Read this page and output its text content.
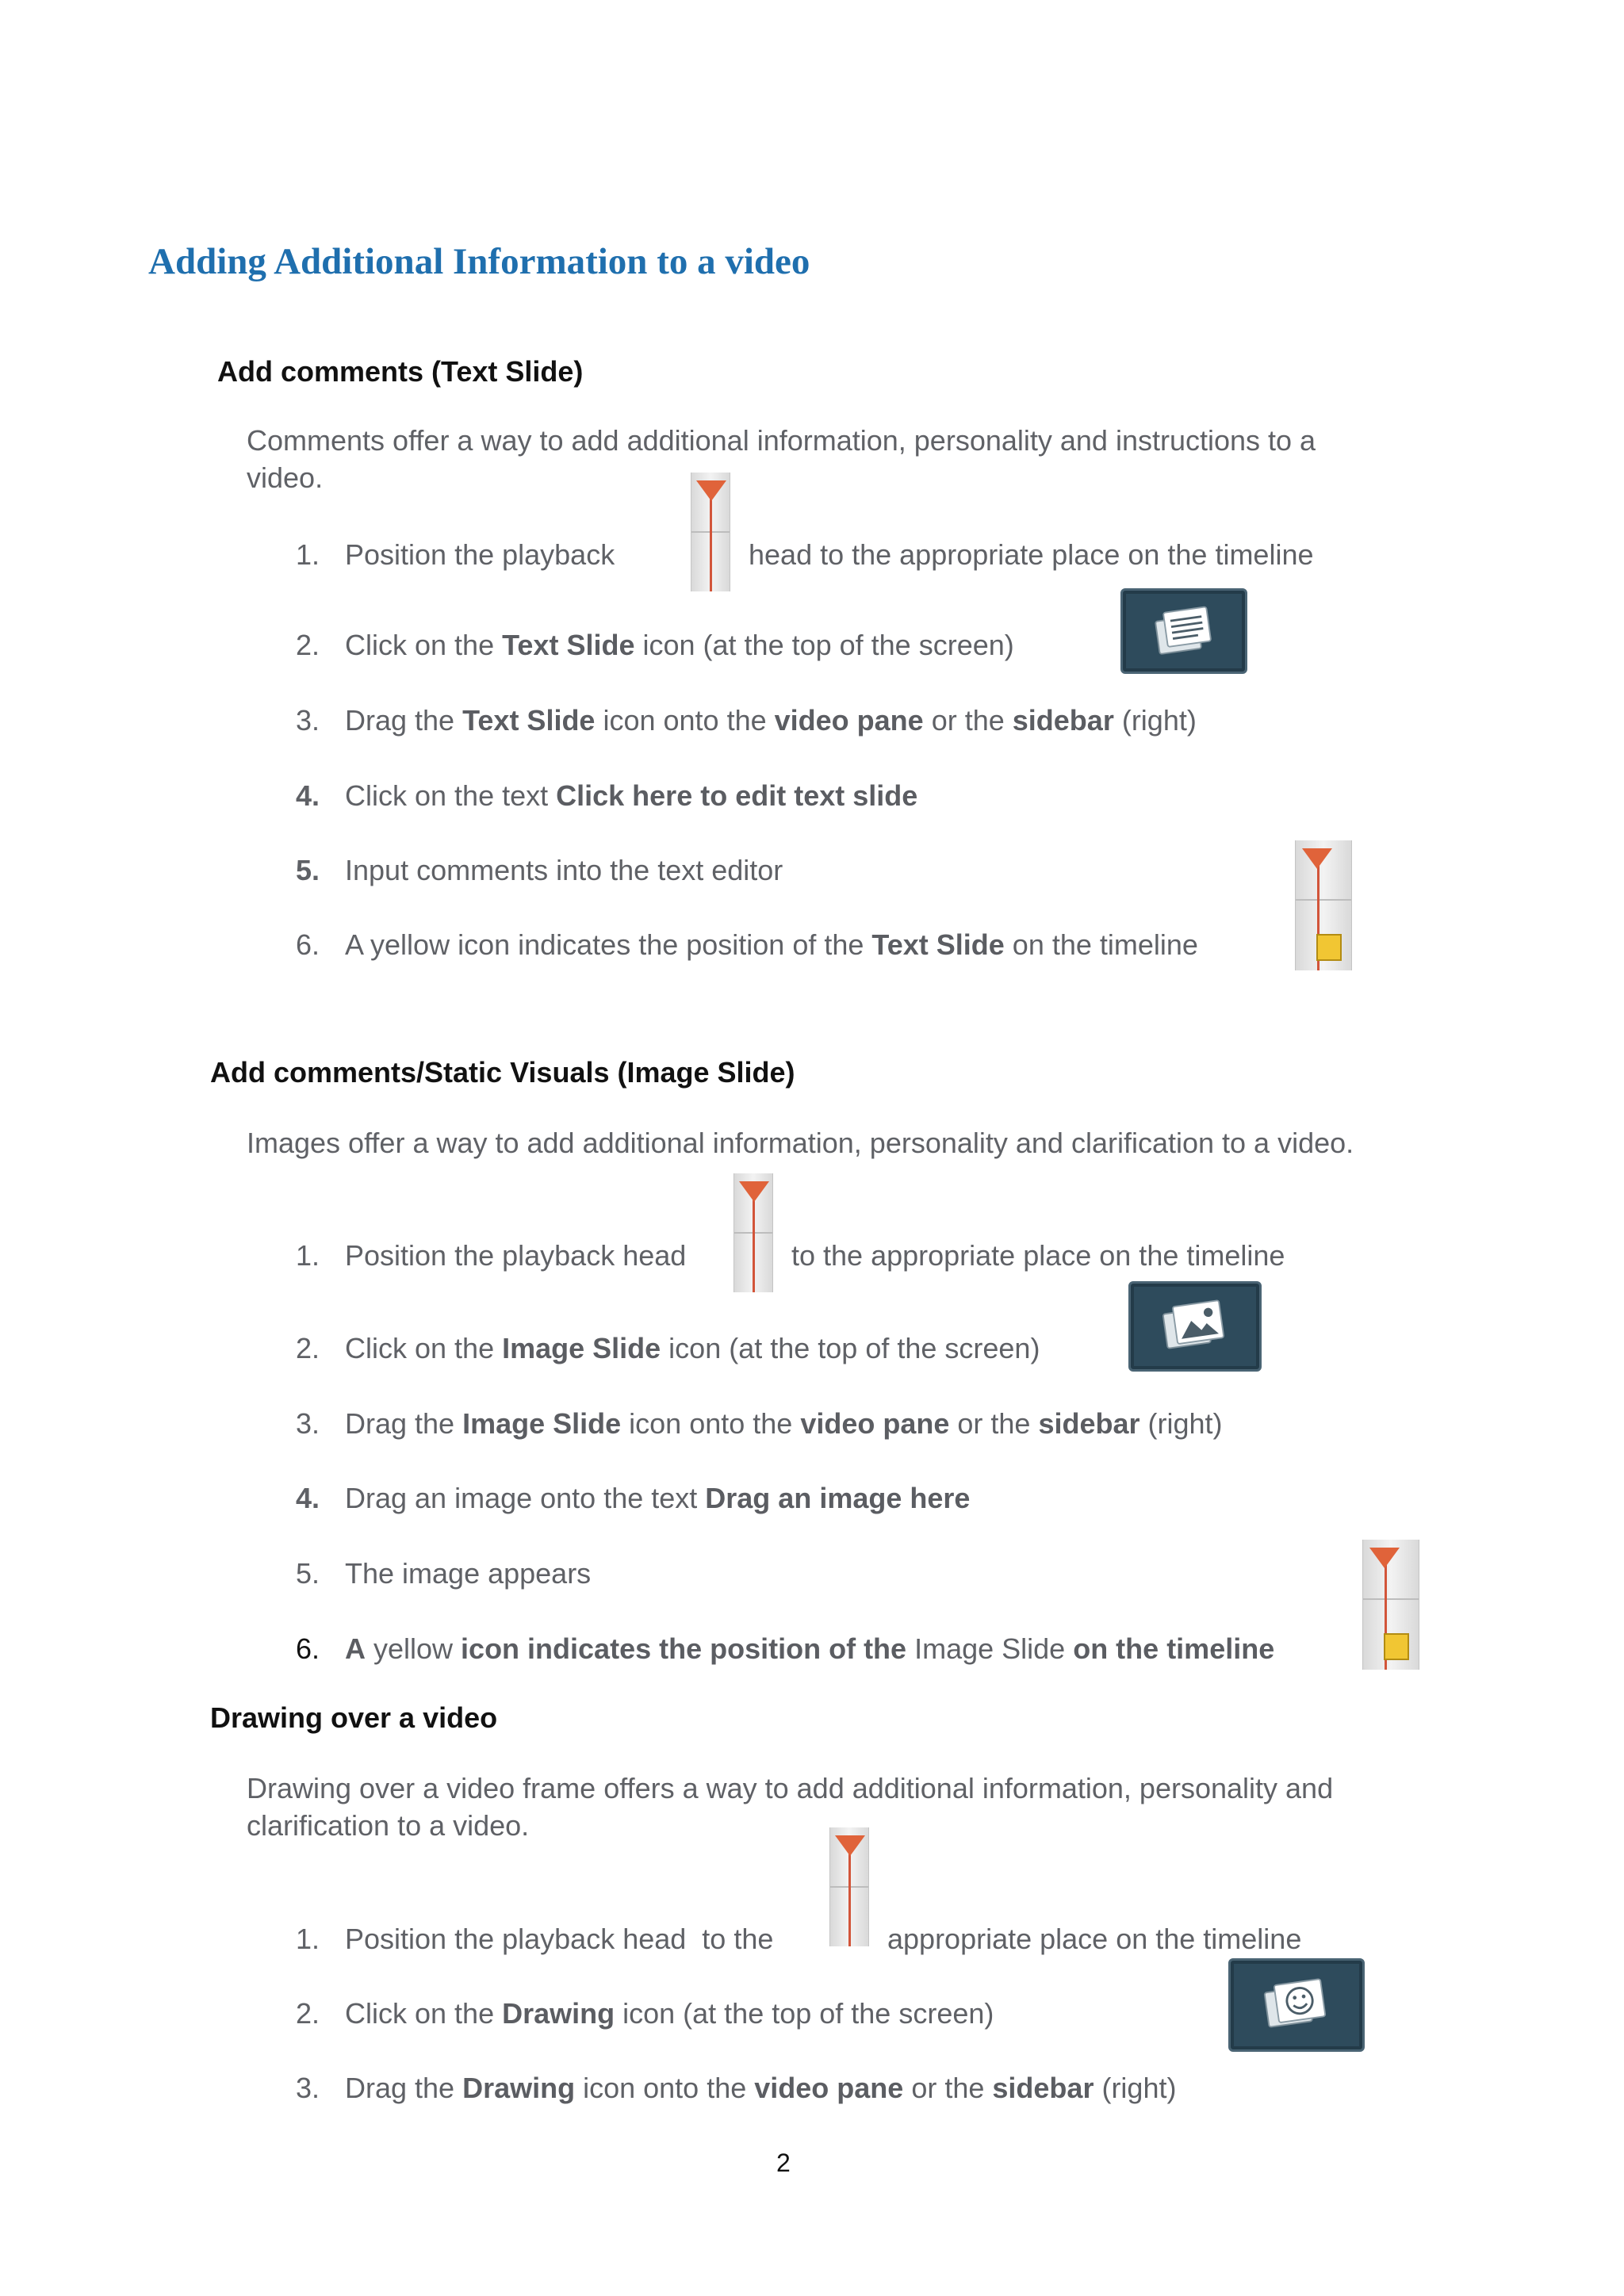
Adding Additional Information to a video
Add comments (Text Slide)

Comments offer a way to add additional information, personality and instructions to a video.

1. Position the playback	head to the appropriate place on the timeline
2. Click on the Text Slide icon (at the top of the screen)
3. Drag the Text Slide icon onto the video pane or the sidebar (right)
4. Click on the text Click here to edit text slide
5. Input comments into the text editor
6. A yellow icon indicates the position of the Text Slide on the timeline
Add comments/Static Visuals (Image Slide)

Images offer a way to add additional information, personality and clarification to a video.

1. Position the playback head	to the appropriate place on the timeline
2. Click on the Image Slide icon (at the top of the screen)
3. Drag the Image Slide icon onto the video pane or the sidebar (right)
4. Drag an image onto the text Drag an image here
5. The image appears
6. A yellow icon indicates the position of the Image Slide on the timeline
Drawing over a video

Drawing over a video frame offers a way to add additional information, personality and clarification to a video.

1. Position the playback head  to the	appropriate place on the timeline
2. Click on the Drawing icon (at the top of the screen)
3. Drag the Drawing icon onto the video pane or the sidebar (right)
2
